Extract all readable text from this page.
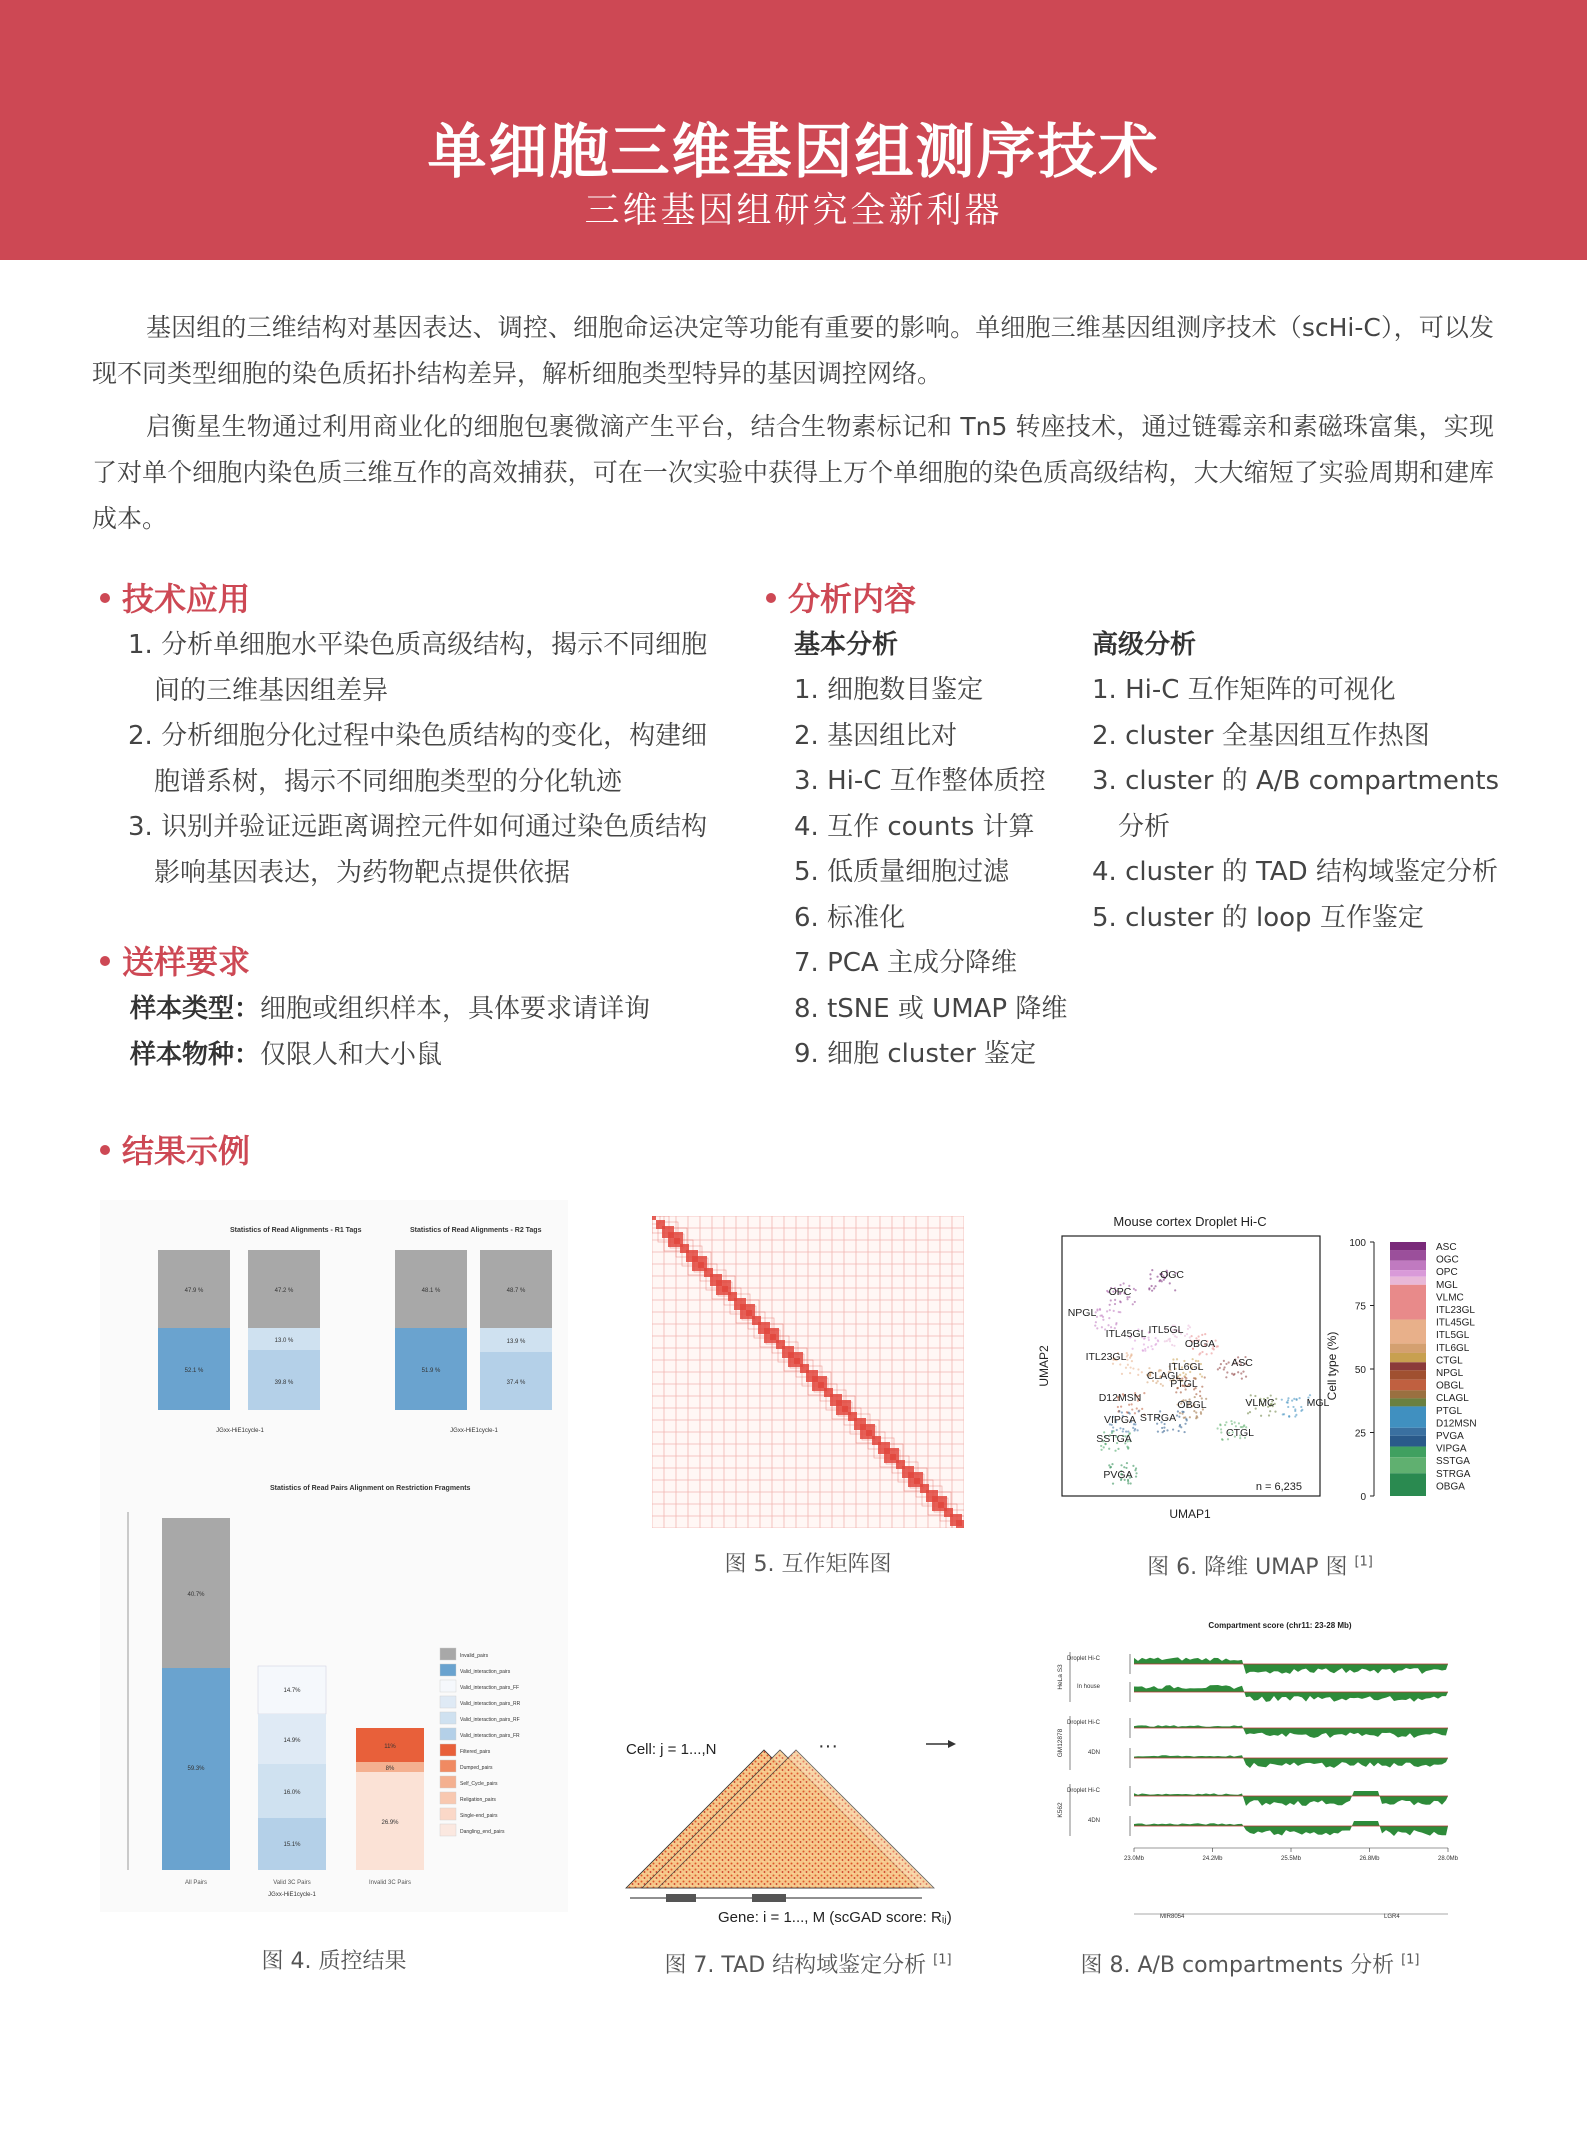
单细胞三维基因组测序技术
三维基因组研究全新利器

基因组的三维结构对基因表达、调控、细胞命运决定等功能有重要的影响。单细胞三维基因组测序技术（scHi-C），可以发现不同类型细胞的染色质拓扑结构差异，解析细胞类型特异的基因调控网络。

启衡星生物通过利用商业化的细胞包裹微滴产生平台，结合生物素标记和 Tn5 转座技术，通过链霉亲和素磁珠富集，实现了对单个细胞内染色质三维互作的高效捕获，可在一次实验中获得上万个单细胞的染色质高级结构，大大缩短了实验周期和建库成本。

技术应用
1. 分析单细胞水平染色质高级结构，揭示不同细胞间的三维基因组差异
2. 分析细胞分化过程中染色质结构的变化，构建细胞谱系树，揭示不同细胞类型的分化轨迹
3. 识别并验证远距离调控元件如何通过染色质结构影响基因表达，为药物靶点提供依据
分析内容
基本分析
1. 细胞数目鉴定
2. 基因组比对
3. Hi-C 互作整体质控
4. 互作 counts 计算
5. 低质量细胞过滤
6. 标准化
7. PCA 主成分降维
8. tSNE 或 UMAP 降维
9. 细胞 cluster 鉴定
高级分析
1. Hi-C 互作矩阵的可视化
2. cluster 全基因组互作热图
3. cluster 的 A/B compartments 分析
4. cluster 的 TAD 结构域鉴定分析
5. cluster 的 loop 互作鉴定
送样要求
样本类型：细胞或组织样本，具体要求请详询
样本物种：仅限人和大小鼠
结果示例
Statistics of Read Alignments - R1 Tags
47.9 %	47.2 %
52.1 %
13.0 %
39.8 %
JGxx-HiE1cycle-1
Statistics of Read Alignments - R2 Tags
48.1 %	48.7 %
51.9 %
13.9 %
37.4 %
JGxx-HiE1cycle-1
Statistics of Read Pairs Alignment on Restriction Fragments
40.7%
59.3%
14.7%
14.9%
16.0%
15.1%
11%
8%
26.9%
All Pairs	Valid 3C Pairs	Invalid 3C Pairs
JGxx-HiE1cycle-1
Invalid_pairs
Valid_interaction_pairs
Valid_interaction_pairs_FF
Valid_interaction_pairs_RR
Valid_interaction_pairs_RF
Valid_interaction_pairs_FR
Filtered_pairs
Dumped_pairs
Self_Cycle_pairs
Religation_pairs
Single-end_pairs
Dangling_end_pairs
图 4. 质控结果
图 5. 互作矩阵图
Mouse cortex Droplet Hi-C
OGC
OPC
NPGL
ITL45GL ITL5GL
OBGA
ITL23GL
CLAGL
ITL6GL	ASC
PTGL
D12MSN
OBGL	VLMC	MGL
VIPGA STRGA
SSTGA	CTGL
PVGA
n = 6,235
UMAP1
UMAP2	Cell type (%)
100
75
50
25
0
ASC
OGC
OPC
MGL
VLMC
ITL23GL
ITL45GL
ITL5GL
ITL6GL
CTGL
NPGL
OBGL
CLAGL
PTGL
D12MSN
PVGA
VIPGA
SSTGA
STRGA
OBGA
图 6. 降维 UMAP 图 [1]
Cell: j = 1...,N	···
Gene: i = 1..., M (scGAD score: Rᵢⱼ)
图 7. TAD 结构域鉴定分析 [1]
Compartment score (chr11: 23-28 Mb)
Droplet Hi-C
In house
Droplet Hi-C
4DN
Droplet Hi-C
4DN
HeLa S3
GM12878
K562
23.0Mb	24.2Mb	25.5Mb	26.8Mb	28.0Mb
MIR8054	LGR4
图 8. A/B compartments 分析 [1]
